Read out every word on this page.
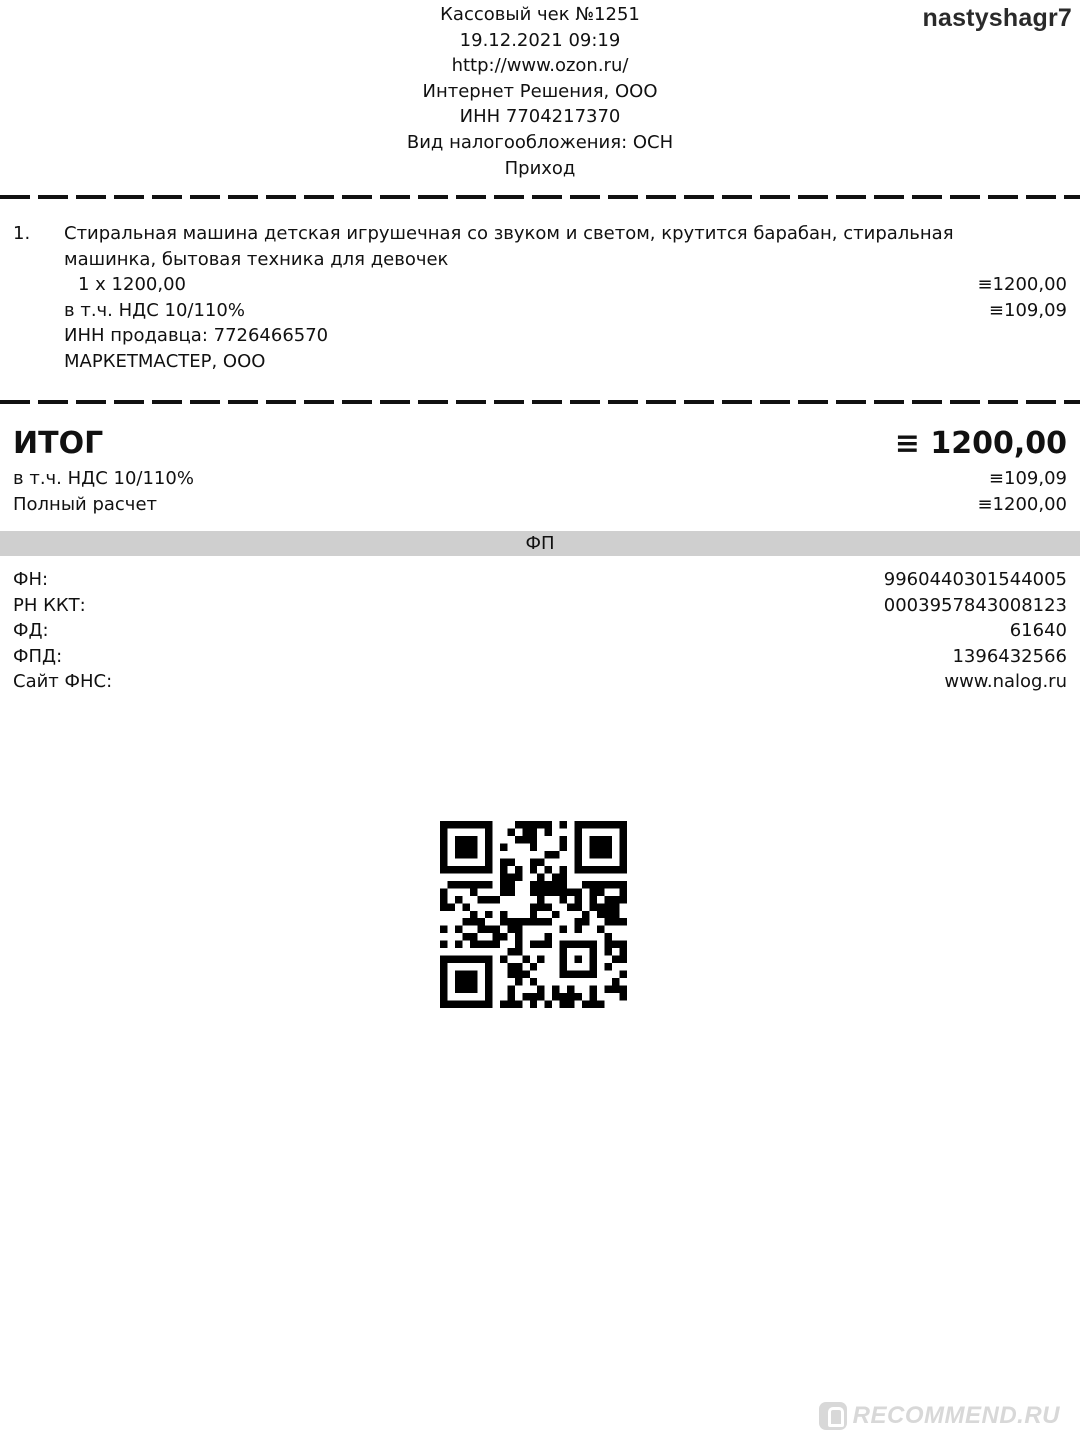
nastyshagr7
Кассовый чек №1251
19.12.2021 09:19
http://www.ozon.ru/
Интернет Решения, ООО
ИНН 7704217370
Вид налогообложения: ОСН
Приход
1. Стиральная машина детская игрушечная со звуком и светом, крутится барабан, стиральная
машинка, бытовая техника для девочек
1 х 1200,00	≡1200,00
в т.ч. НДС 10/110%	≡109,09
ИНН продавца: 7726466570
МАРКЕТМАСТЕР, ООО
ИТОГ	≡ 1200,00
в т.ч. НДС 10/110%	≡109,09
Полный расчет	≡1200,00
ФП
ФН:	9960440301544005
РН ККТ:	0003957843008123
ФД:	61640
ФПД:	1396432566
Сайт ФНС:	www.nalog.ru
RECOMMEND.RU
